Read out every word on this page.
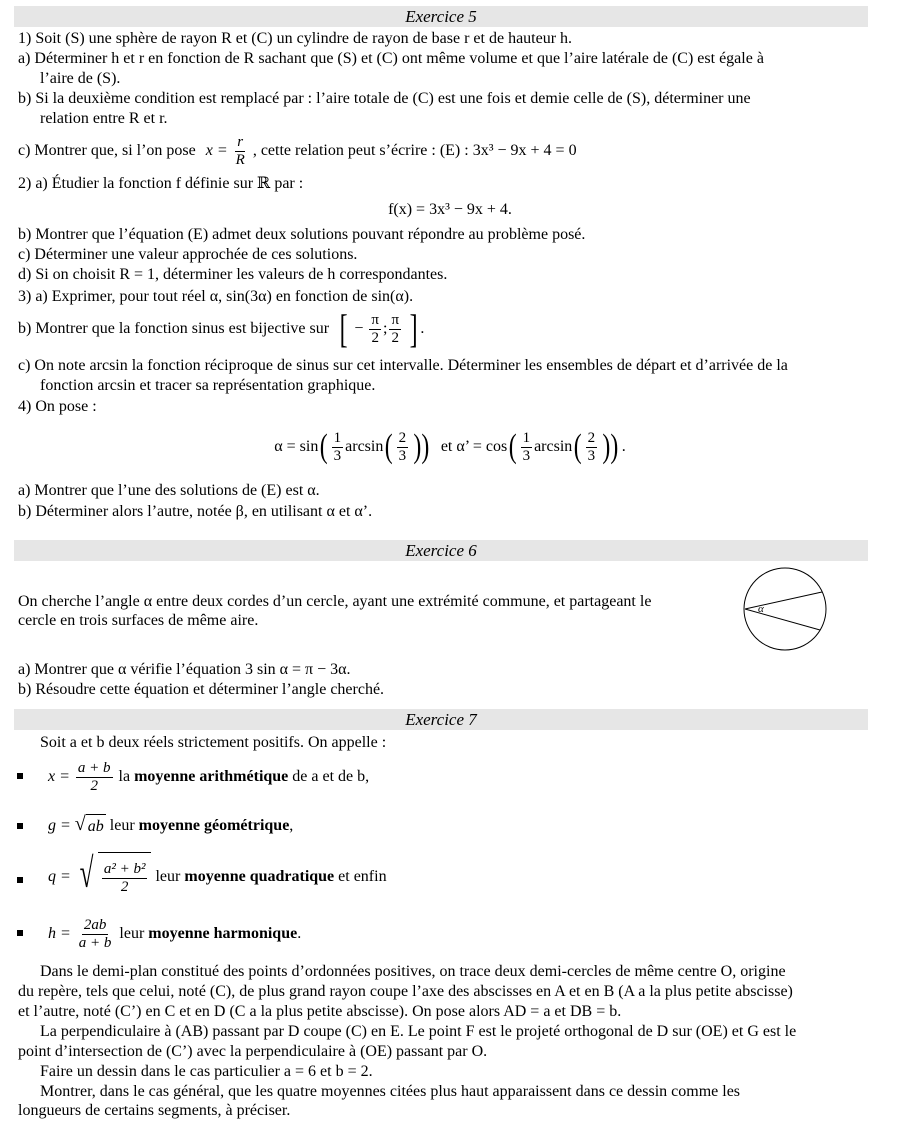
Exercice 5
1) Soit (S) une sphère de rayon R et (C) un cylindre de rayon de base r et de hauteur h.
a) Déterminer h et r en fonction de R sachant que (S) et (C) ont même volume et que l’aire latérale de (C) est égale à
l’aire de (S).
b) Si la deuxième condition est remplacé par : l’aire totale de (C) est une fois et demie celle de (S), déterminer une
relation entre R et r.
c) Montrer que, si l’on pose $x = \frac{r}{R}$ , cette relation peut s’écrire : (E) : 3x³ − 9x + 4 = 0
2) a) Étudier la fonction f définie sur ℝ par :
f(x) = 3x³ − 9x + 4.
b) Montrer que l’équation (E) admet deux solutions pouvant répondre au problème posé.
c) Déterminer une valeur approchée de ces solutions.
d) Si on choisit R = 1, déterminer les valeurs de h correspondantes.
3) a) Exprimer, pour tout réel α, sin(3α) en fonction de sin(α).
b) Montrer que la fonction sinus est bijective sur [ − $\frac{\pi}{2}$ ; $\frac{\pi}{2}$ ] .
c) On note arcsin la fonction réciproque de sinus sur cet intervalle. Déterminer les ensembles de départ et d’arrivée de la
fonction arcsin et tracer sa représentation graphique.
4) On pose :
$\alpha = \sin( \frac{1}{3} \arcsin( \frac{2}{3}$ )) et α’ = $\cos( \frac{1}{3} \arcsin( \frac{2}{3}$ )) .
a) Montrer que l’une des solutions de (E) est α.
b) Déterminer alors l’autre, notée β, en utilisant α et α’.
Exercice 6
On cherche l’angle α entre deux cordes d’un cercle, ayant une extrémité commune, et partageant le
cercle en trois surfaces de même aire.
α
a) Montrer que α vérifie l’équation 3 sin α = π − 3α.
b) Résoudre cette équation et déterminer l’angle cherché.
Exercice 7
Soit a et b deux réels strictement positifs. On appelle :
$x = \frac{a + b}{2}$ la moyenne arithmétique de a et de b,
g = √ ab leur moyenne géométrique,
q = √ $\frac{\text{a² + b²}}{2}$ leur moyenne quadratique et enfin
$h = \frac{2ab}{a + b}$ leur moyenne harmonique.
Dans le demi-plan constitué des points d’ordonnées positives, on trace deux demi-cercles de même centre O, origine
du repère, tels que celui, noté (C), de plus grand rayon coupe l’axe des abscisses en A et en B (A a la plus petite abscisse)
et l’autre, noté (C’) en C et en D (C a la plus petite abscisse). On pose alors AD = a et DB = b.
La perpendiculaire à (AB) passant par D coupe (C) en E. Le point F est le projeté orthogonal de D sur (OE) et G est le
point d’intersection de (C’) avec la perpendiculaire à (OE) passant par O.
Faire un dessin dans le cas particulier a = 6 et b = 2.
Montrer, dans le cas général, que les quatre moyennes citées plus haut apparaissent dans ce dessin comme les
longueurs de certains segments, à préciser.
